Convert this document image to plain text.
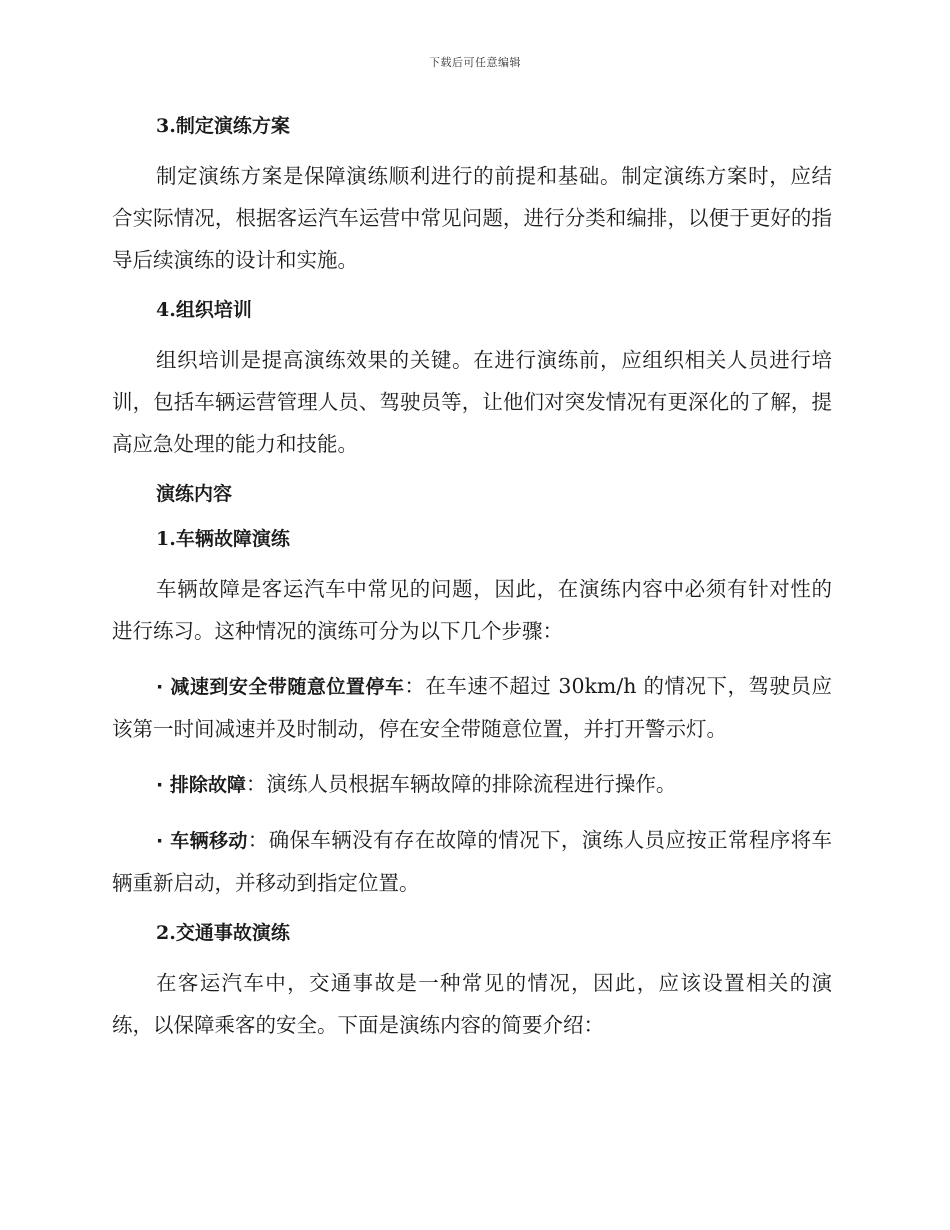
下载后可任意编辑

3.制定演练方案

制定演练方案是保障演练顺利进行的前提和基础。制定演练方案时，应结合实际情况，根据客运汽车运营中常见问题，进行分类和编排，以便于更好的指导后续演练的设计和实施。

4.组织培训

组织培训是提高演练效果的关键。在进行演练前，应组织相关人员进行培训，包括车辆运营管理人员、驾驶员等，让他们对突发情况有更深化的了解，提高应急处理的能力和技能。

演练内容

1.车辆故障演练

车辆故障是客运汽车中常见的问题，因此，在演练内容中必须有针对性的进行练习。这种情况的演练可分为以下几个步骤：

· 减速到安全带随意位置停车：在车速不超过 30km/h 的情况下，驾驶员应该第一时间减速并及时制动，停在安全带随意位置，并打开警示灯。

· 排除故障：演练人员根据车辆故障的排除流程进行操作。

· 车辆移动：确保车辆没有存在故障的情况下，演练人员应按正常程序将车辆重新启动，并移动到指定位置。

2.交通事故演练

在客运汽车中，交通事故是一种常见的情况，因此，应该设置相关的演练，以保障乘客的安全。下面是演练内容的简要介绍：
